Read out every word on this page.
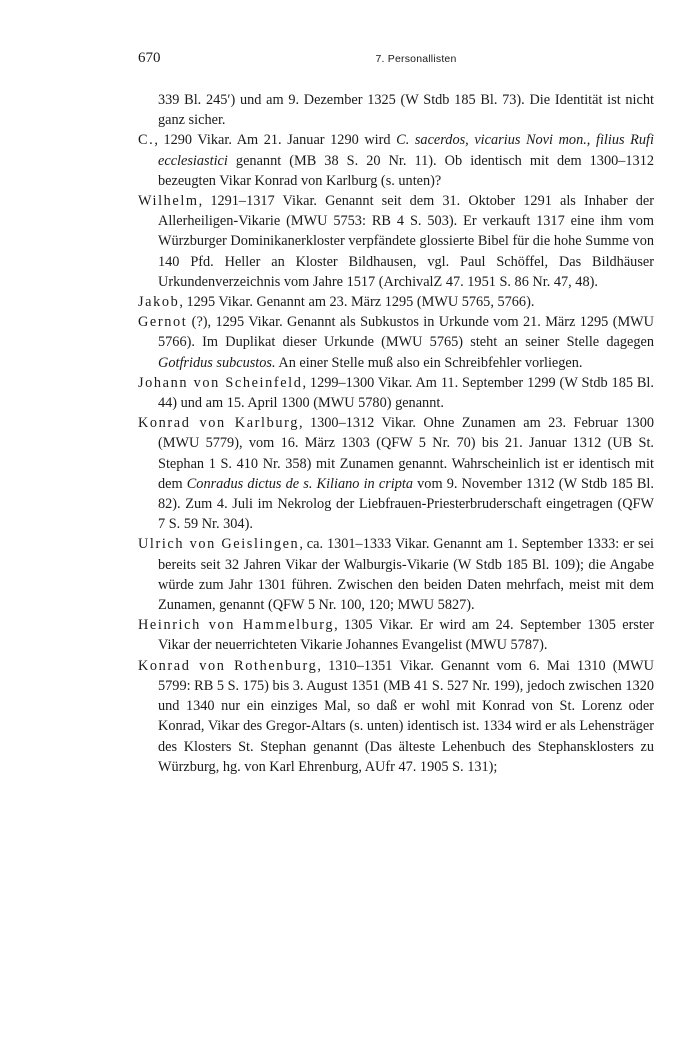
670	7. Personallisten

339 Bl. 245′) und am 9. Dezember 1325 (W Stdb 185 Bl. 73). Die Identität ist nicht ganz sicher.

C., 1290 Vikar. Am 21. Januar 1290 wird C. sacerdos, vicarius Novi mon., filius Rufi ecclesiastici genannt (MB 38 S. 20 Nr. 11). Ob identisch mit dem 1300–1312 bezeugten Vikar Konrad von Karlburg (s. unten)?

Wilhelm, 1291–1317 Vikar. Genannt seit dem 31. Oktober 1291 als Inhaber der Allerheiligen-Vikarie (MWU 5753: RB 4 S. 503). Er verkauft 1317 eine ihm vom Würzburger Dominikanerkloster verpfändete glossierte Bibel für die hohe Summe von 140 Pfd. Heller an Kloster Bildhausen, vgl. Paul Schöffel, Das Bildhäuser Urkundenverzeichnis vom Jahre 1517 (ArchivalZ 47. 1951 S. 86 Nr. 47, 48).

Jakob, 1295 Vikar. Genannt am 23. März 1295 (MWU 5765, 5766).

Gernot (?), 1295 Vikar. Genannt als Subkustos in Urkunde vom 21. März 1295 (MWU 5766). Im Duplikat dieser Urkunde (MWU 5765) steht an seiner Stelle dagegen Gotfridus subcustos. An einer Stelle muß also ein Schreibfehler vorliegen.

Johann von Scheinfeld, 1299–1300 Vikar. Am 11. September 1299 (W Stdb 185 Bl. 44) und am 15. April 1300 (MWU 5780) genannt.

Konrad von Karlburg, 1300–1312 Vikar. Ohne Zunamen am 23. Februar 1300 (MWU 5779), vom 16. März 1303 (QFW 5 Nr. 70) bis 21. Januar 1312 (UB St. Stephan 1 S. 410 Nr. 358) mit Zunamen genannt. Wahrscheinlich ist er identisch mit dem Conradus dictus de s. Kiliano in cripta vom 9. November 1312 (W Stdb 185 Bl. 82). Zum 4. Juli im Nekrolog der Liebfrauen-Priesterbruderschaft eingetragen (QFW 7 S. 59 Nr. 304).

Ulrich von Geislingen, ca. 1301–1333 Vikar. Genannt am 1. September 1333: er sei bereits seit 32 Jahren Vikar der Walburgis-Vikarie (W Stdb 185 Bl. 109); die Angabe würde zum Jahr 1301 führen. Zwischen den beiden Daten mehrfach, meist mit dem Zunamen, genannt (QFW 5 Nr. 100, 120; MWU 5827).

Heinrich von Hammelburg, 1305 Vikar. Er wird am 24. September 1305 erster Vikar der neuerrichteten Vikarie Johannes Evangelist (MWU 5787).

Konrad von Rothenburg, 1310–1351 Vikar. Genannt vom 6. Mai 1310 (MWU 5799: RB 5 S. 175) bis 3. August 1351 (MB 41 S. 527 Nr. 199), jedoch zwischen 1320 und 1340 nur ein einziges Mal, so daß er wohl mit Konrad von St. Lorenz oder Konrad, Vikar des Gregor-Altars (s. unten) identisch ist. 1334 wird er als Lehensträger des Klosters St. Stephan genannt (Das älteste Lehenbuch des Stephansklosters zu Würzburg, hg. von Karl Ehrenburg, AUfr 47. 1905 S. 131);
